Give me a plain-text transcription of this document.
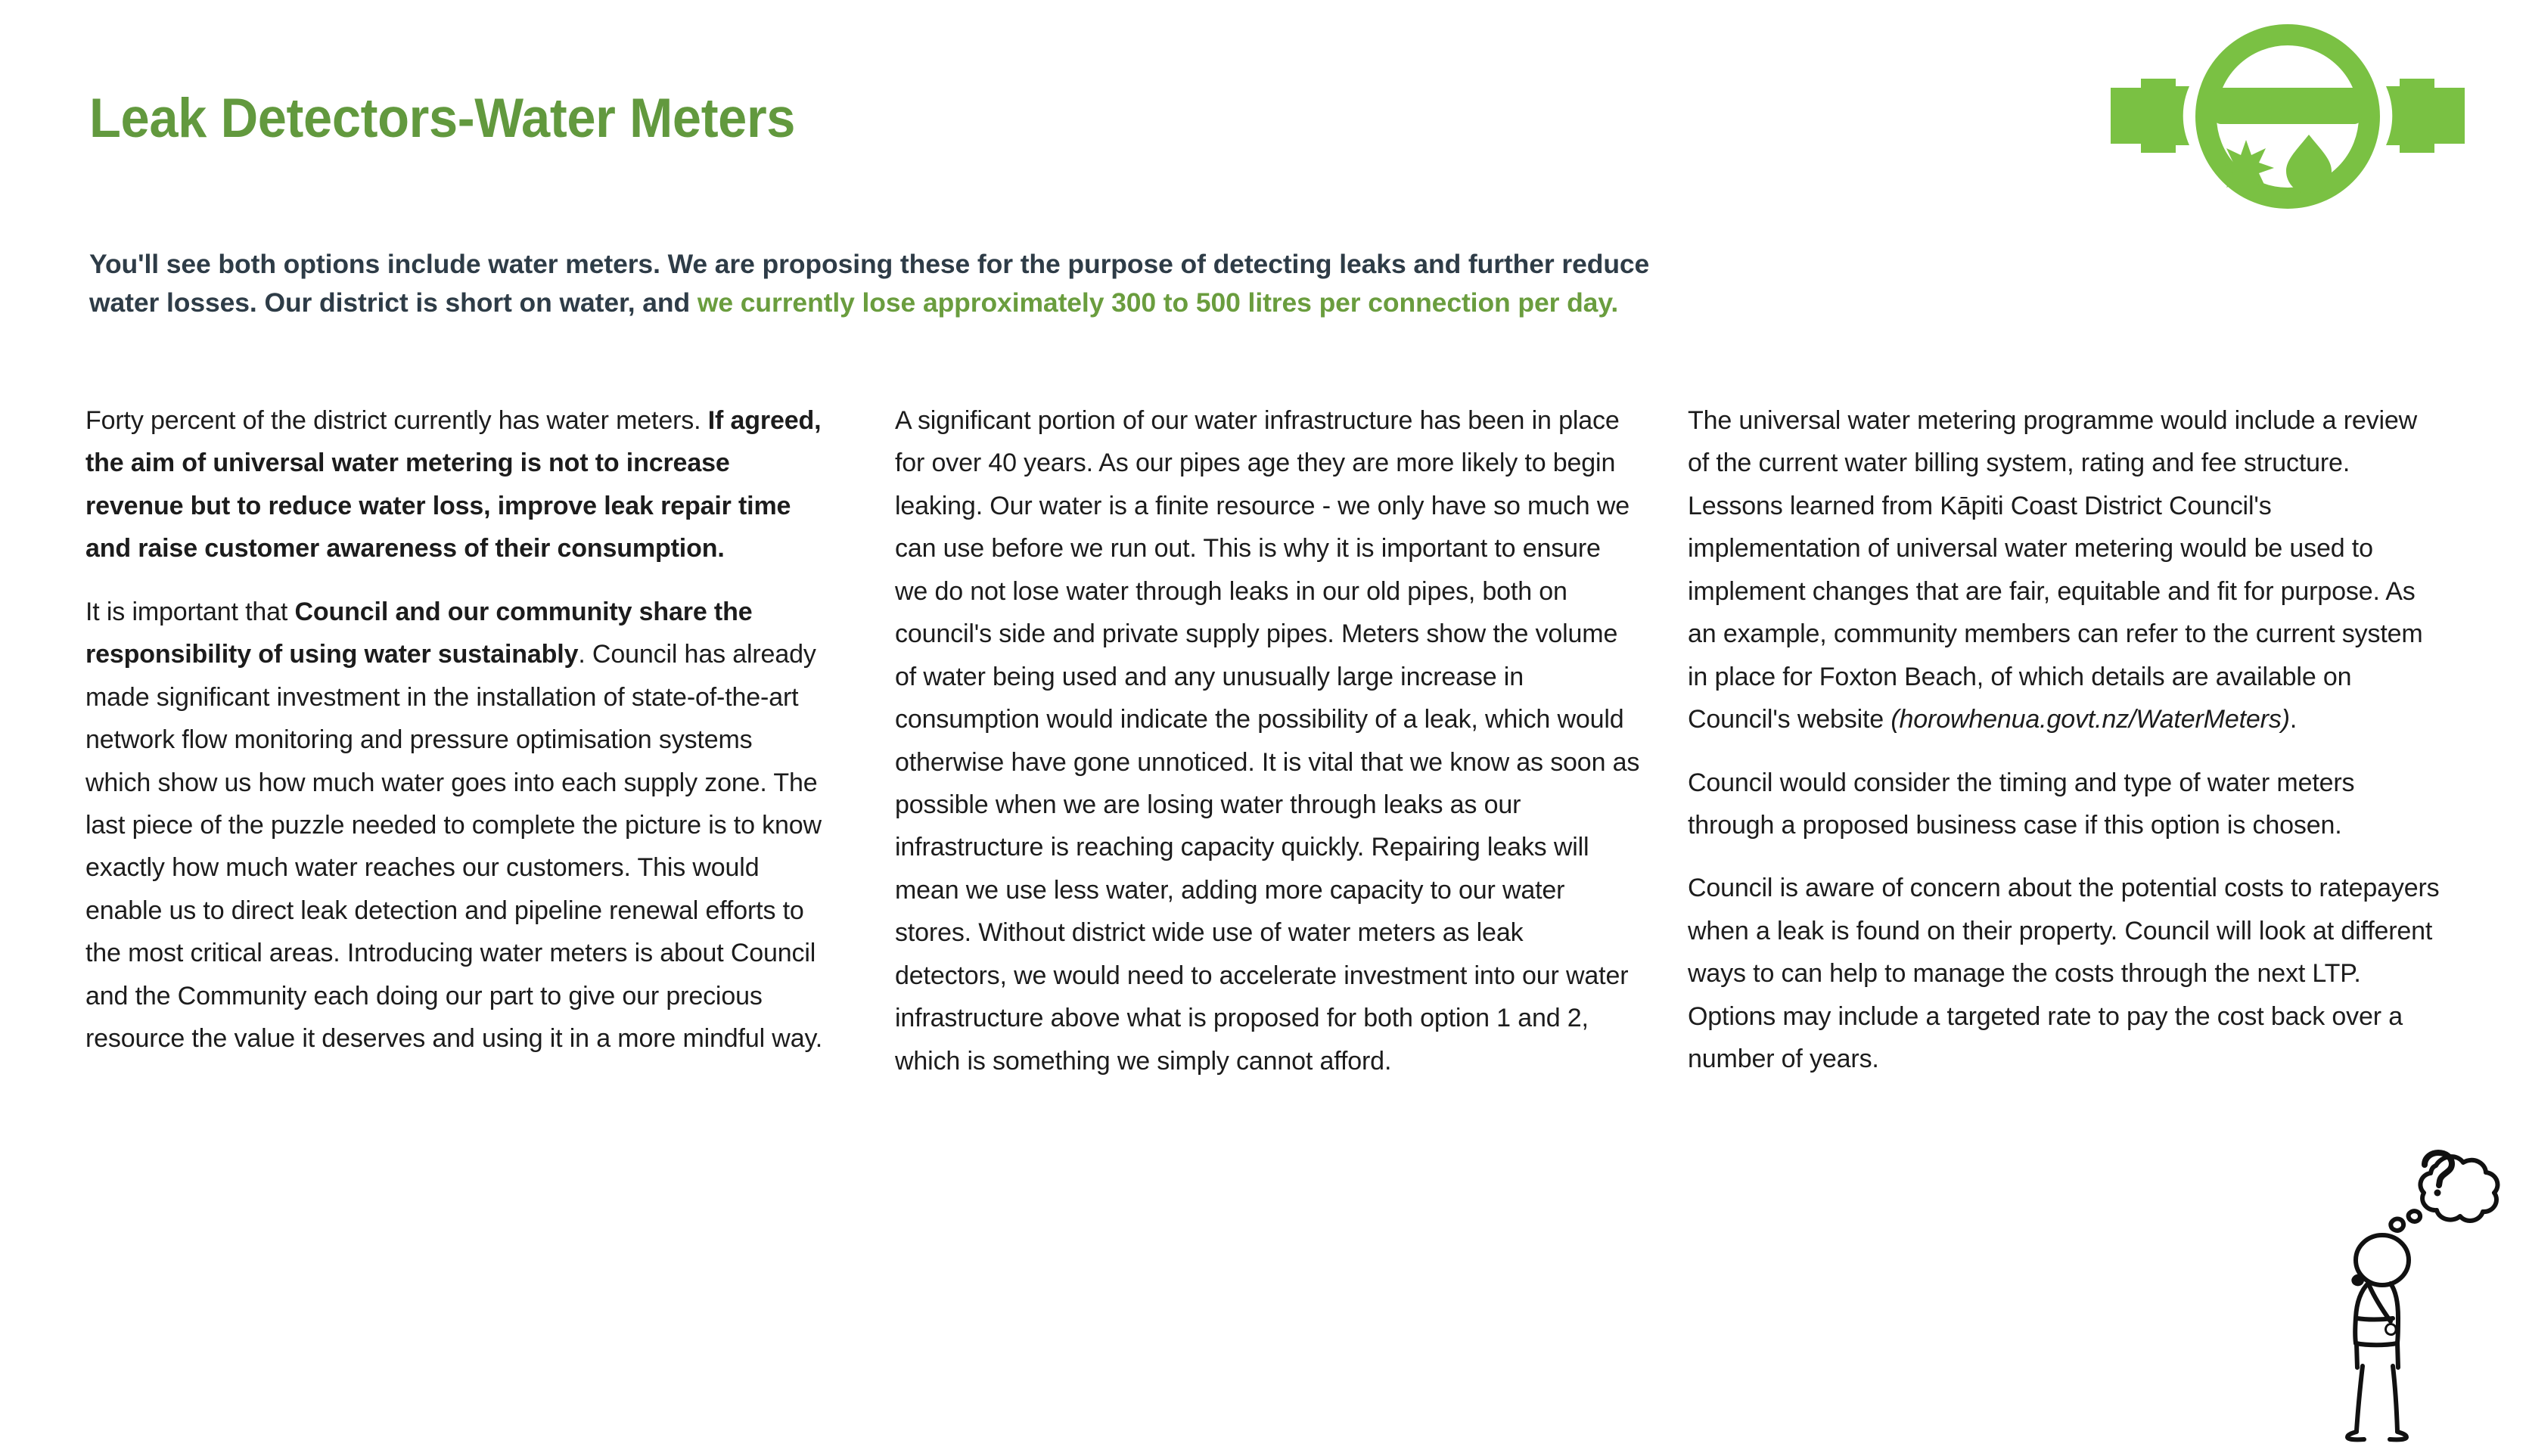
Leak Detectors-Water Meters

You'll see both options include water meters. We are proposing these for the purpose of detecting leaks and further reduce water losses. Our district is short on water, and we currently lose approximately 300 to 500 litres per connection per day.

Forty percent of the district currently has water meters. If agreed, the aim of universal water metering is not to increase revenue but to reduce water loss, improve leak repair time and raise customer awareness of their consumption.

It is important that Council and our community share the responsibility of using water sustainably. Council has already made significant investment in the installation of state-of-the-art network flow monitoring and pressure optimisation systems which show us how much water goes into each supply zone. The last piece of the puzzle needed to complete the picture is to know exactly how much water reaches our customers. This would enable us to direct leak detection and pipeline renewal efforts to the most critical areas. Introducing water meters is about Council and the Community each doing our part to give our precious resource the value it deserves and using it in a more mindful way.

A significant portion of our water infrastructure has been in place for over 40 years. As our pipes age they are more likely to begin leaking. Our water is a finite resource - we only have so much we can use before we run out. This is why it is important to ensure we do not lose water through leaks in our old pipes, both on council's side and private supply pipes. Meters show the volume of water being used and any unusually large increase in consumption would indicate the possibility of a leak, which would otherwise have gone unnoticed. It is vital that we know as soon as possible when we are losing water through leaks as our infrastructure is reaching capacity quickly. Repairing leaks will mean we use less water, adding more capacity to our water stores. Without district wide use of water meters as leak detectors, we would need to accelerate investment into our water infrastructure above what is proposed for both option 1 and 2, which is something we simply cannot afford.

The universal water metering programme would include a review of the current water billing system, rating and fee structure. Lessons learned from Kāpiti Coast District Council's implementation of universal water metering would be used to implement changes that are fair, equitable and fit for purpose. As an example, community members can refer to the current system in place for Foxton Beach, of which details are available on Council's website (horowhenua.govt.nz/WaterMeters).

Council would consider the timing and type of water meters through a proposed business case if this option is chosen.

Council is aware of concern about the potential costs to ratepayers when a leak is found on their property. Council will look at different ways to can help to manage the costs through the next LTP. Options may include a targeted rate to pay the cost back over a number of years.
